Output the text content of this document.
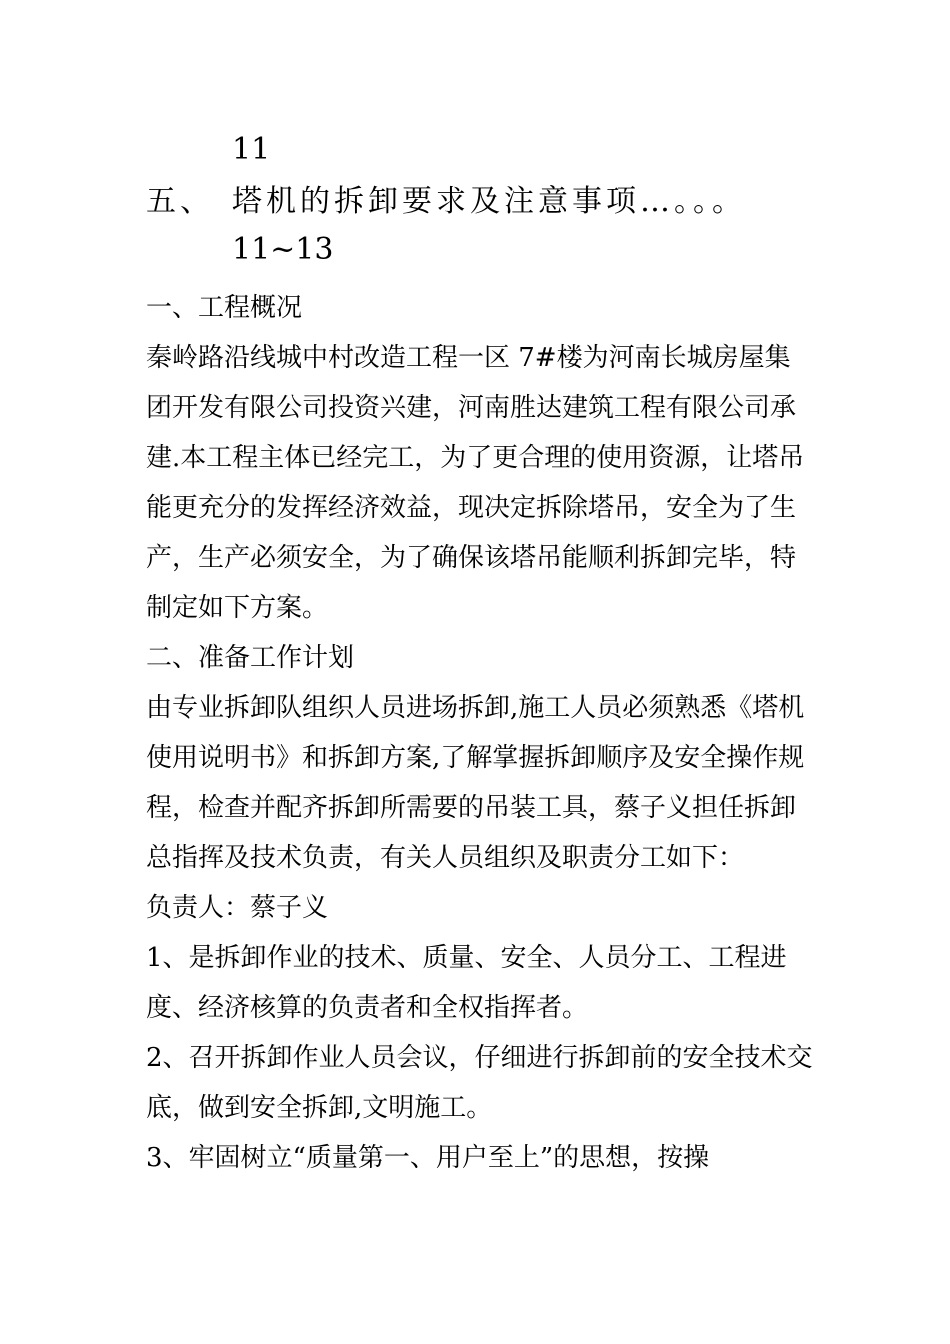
11
五、 塔机的拆卸要求及注意事项…。。。
11~13

一、工程概况

秦岭路沿线城中村改造工程一区 7#楼为河南长城房屋集团开发有限公司投资兴建，河南胜达建筑工程有限公司承建.本工程主体已经完工，为了更合理的使用资源，让塔吊能更充分的发挥经济效益，现决定拆除塔吊，安全为了生产，生产必须安全，为了确保该塔吊能顺利拆卸完毕，特制定如下方案。

二、准备工作计划

由专业拆卸队组织人员进场拆卸,施工人员必须熟悉《塔机使用说明书》和拆卸方案,了解掌握拆卸顺序及安全操作规程，检查并配齐拆卸所需要的吊装工具，蔡子义担任拆卸总指挥及技术负责，有关人员组织及职责分工如下：

负责人：蔡子义

1、是拆卸作业的技术、质量、安全、人员分工、工程进度、经济核算的负责者和全权指挥者。

2、召开拆卸作业人员会议，仔细进行拆卸前的安全技术交底，做到安全拆卸,文明施工。

3、牢固树立“质量第一、用户至上”的思想，按操
